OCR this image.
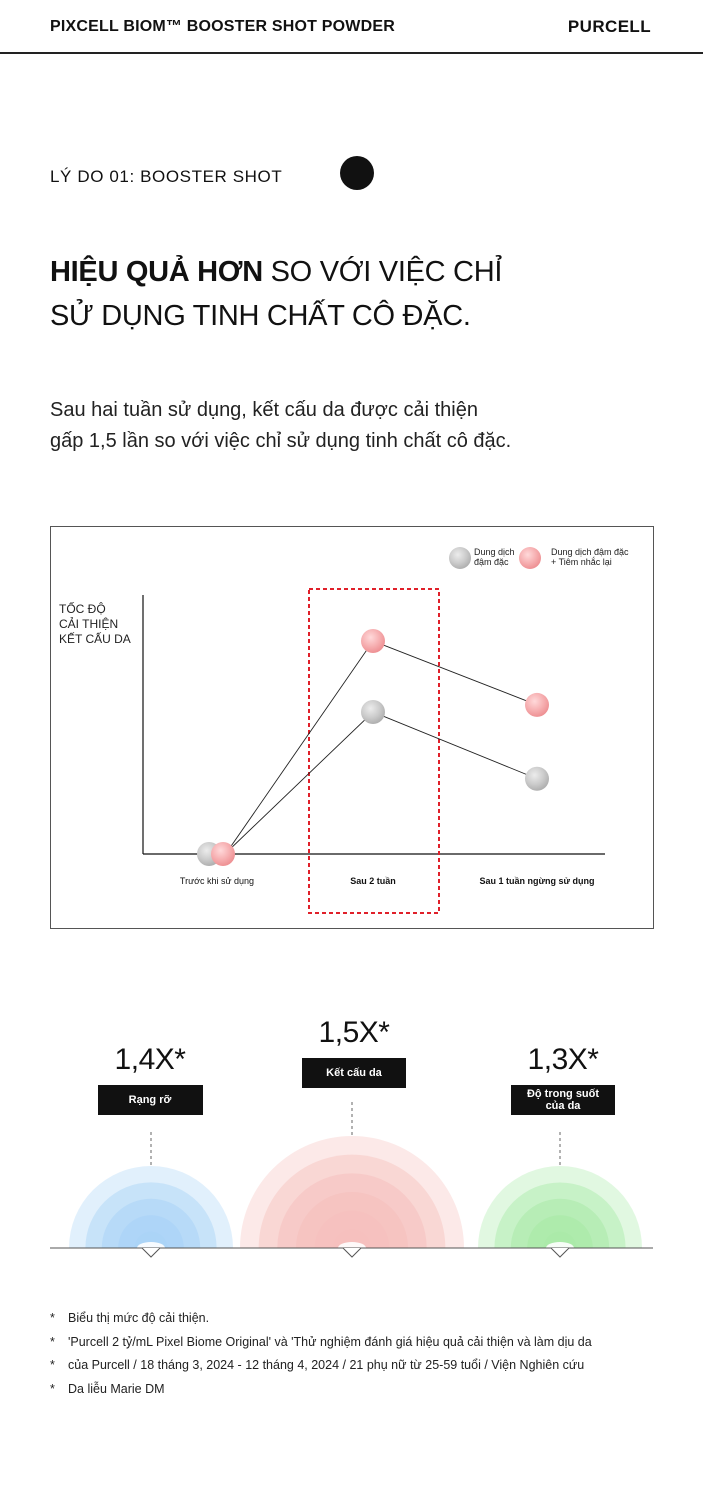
PIXCELL BIOM™ BOOSTER SHOT POWDER	PURCELL
LÝ DO 01: BOOSTER SHOT
HIỆU QUẢ HƠN SO VỚI VIỆC CHỈ
SỬ DỤNG TINH CHẤT CÔ ĐẶC.
Sau hai tuần sử dụng, kết cấu da được cải thiện
gấp 1,5 lần so với việc chỉ sử dụng tinh chất cô đặc.
TỐC ĐỘ
CẢI THIỆN
KẾT CẤU DA
Trước khi sử dụng	Sau 2 tuần	Sau 1 tuần ngừng sử dụng
Dung dịch
đậm đặc
Dung dịch đậm đặc
+ Tiêm nhắc lại
1,4X*
Rạng rỡ
1,5X*
Kết cấu da	1,3X*
Độ trong suốt
của da
*	Biểu thị mức độ cải thiện.
*	'Purcell 2 tỷ/mL Pixel Biome Original' và 'Thử nghiệm đánh giá hiệu quả cải thiện và làm dịu da
*	của Purcell / 18 tháng 3, 2024 - 12 tháng 4, 2024 / 21 phụ nữ từ 25-59 tuổi / Viện Nghiên cứu
*	Da liễu Marie DM
